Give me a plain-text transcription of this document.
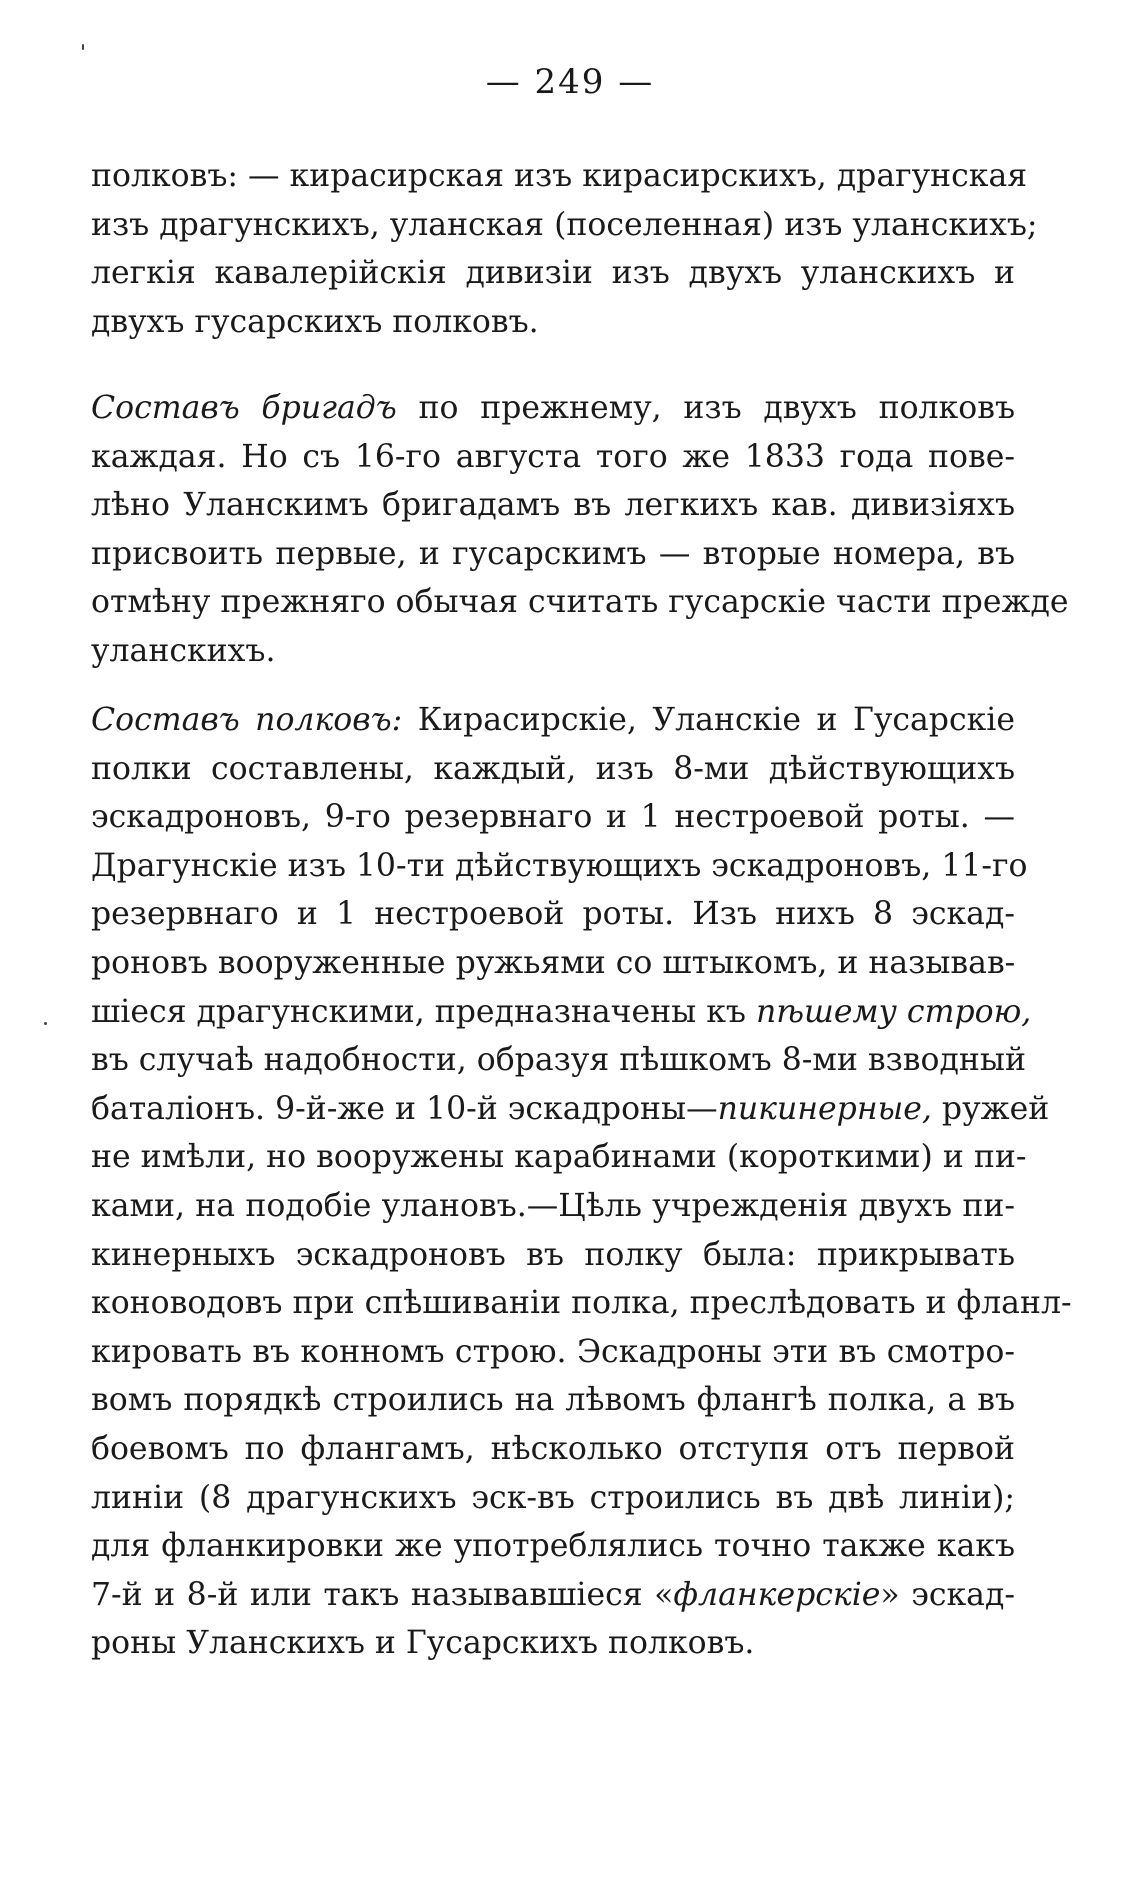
— 249 —
полковъ: — кирасирская изъ кирасирскихъ, драгунская
изъ драгунскихъ, уланская (поселенная) изъ уланскихъ;
легкія кавалерійскія дивизіи изъ двухъ уланскихъ и
двухъ гусарскихъ полковъ.
Составъ бригадъ по прежнему, изъ двухъ полковъ
каждая. Но съ 16-го августа того же 1833 года пове-
лѣно Уланскимъ бригадамъ въ легкихъ кав. дивизіяхъ
присвоить первые, и гусарскимъ — вторые номера, въ
отмѣну прежняго обычая считать гусарскіе части прежде
уланскихъ.
Составъ полковъ: Кирасирскіе, Уланскіе и Гусарскіе
полки составлены, каждый, изъ 8-ми дѣйствующихъ
эскадроновъ, 9-го резервнаго и 1 нестроевой роты. —
Драгунскіе изъ 10-ти дѣйствующихъ эскадроновъ, 11-го
резервнаго и 1 нестроевой роты. Изъ нихъ 8 эскад-
роновъ вооруженные ружьями со штыкомъ, и называв-
шіеся драгунскими, предназначены къ пѣшему строю,
въ случаѣ надобности, образуя пѣшкомъ 8-ми взводный
баталіонъ. 9-й-же и 10-й эскадроны—пикинерные, ружей
не имѣли, но вооружены карабинами (короткими) и пи-
ками, на подобіе улановъ.—Цѣль учрежденія двухъ пи-
кинерныхъ эскадроновъ въ полку была: прикрывать
коноводовъ при спѣшиваніи полка, преслѣдовать и фланл-
кировать въ конномъ строю. Эскадроны эти въ смотро-
вомъ порядкѣ строились на лѣвомъ флангѣ полка, а въ
боевомъ по флангамъ, нѣсколько отступя отъ первой
линіи (8 драгунскихъ эск-въ строились въ двѣ линіи);
для фланкировки же употреблялись точно также какъ
7-й и 8-й или такъ называвшіеся «фланкерскіе» эскад-
роны Уланскихъ и Гусарскихъ полковъ.
